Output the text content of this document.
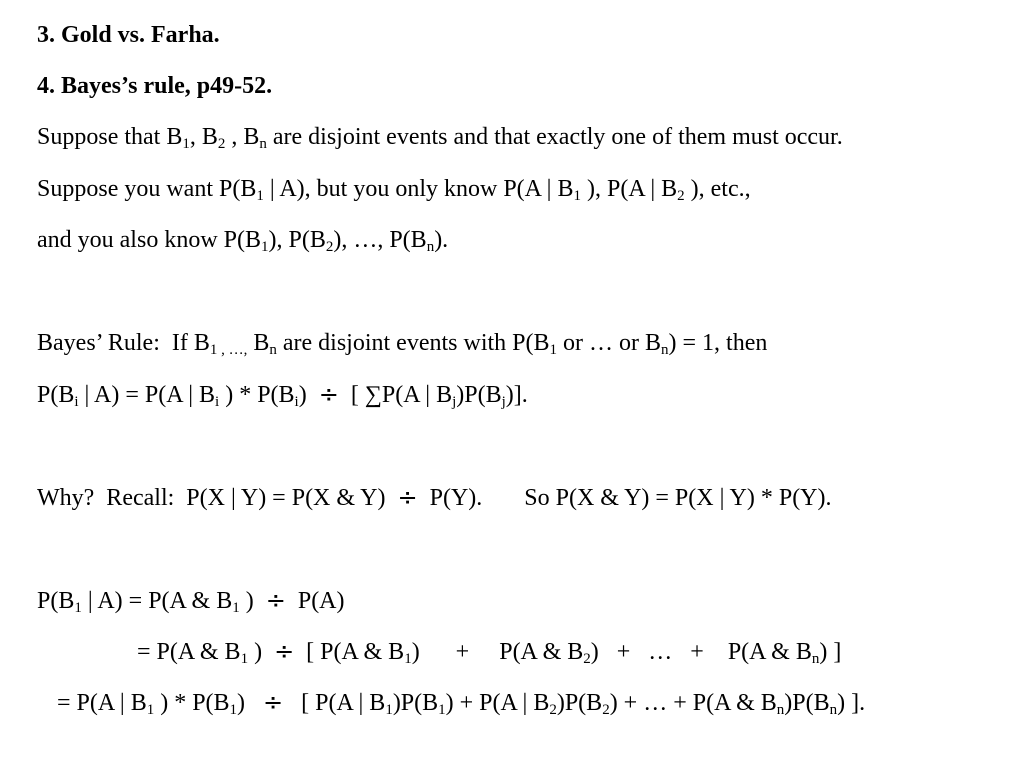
3. Gold vs. Farha.
4. Bayes’s rule, p49-52.
Suppose that $B_1$, $B_2$ , $B_n$ are disjoint events and that exactly one of them must occur.
Suppose you want $P(B_1$ | A), but you only know P(A | $B_1$ ), P(A | $B_2$ ), etc.,
and you also know $P(B_1)$, $P(B_2)$, …, $P(B_n)$.
Bayes’ Rule:  If $B_{1 , \dots,}$ $B_n$ are disjoint events with $P(B_1$ or … or $B_n) = 1$, then
$P(B_i$ | A) = P(A | $B_i$ ) * $P(B_i)$ ÷ [ ∑P(A | $B_j)P(B_j)$].
Why?  Recall:  P(X | Y) = P(X & Y) ÷ P(Y).       So P(X & Y) = P(X | Y) * P(Y).
$P(B_1$ | A) = P(A & $B_1$ ) ÷ P(A)
= P(A & $B_1$ ) ÷ [ P(A & $B_1$)      +     P(A & $B_2$)   +   …   +    P(A & $B_n$) ]
= P(A | $B_1$ ) * $P(B_1)$  ÷  [ P(A | $B_1)P(B_1) + P(A$ | $B_2)P(B_2)$ + … + P(A & $B_n)P(B_n)$ ].
